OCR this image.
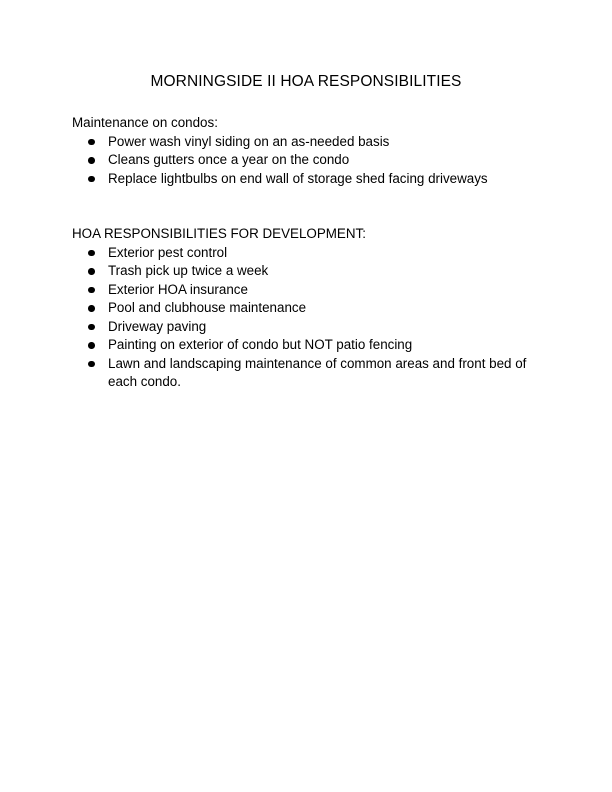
MORNINGSIDE II HOA RESPONSIBILITIES

Maintenance on condos:

Power wash vinyl siding on an as-needed basis
Cleans gutters once a year on the condo
Replace lightbulbs on end wall of storage shed facing driveways

HOA RESPONSIBILITIES FOR DEVELOPMENT:

Exterior pest control
Trash pick up twice a week
Exterior HOA insurance
Pool and clubhouse maintenance
Driveway paving
Painting on exterior of condo but NOT patio fencing
Lawn and landscaping maintenance of common areas and front bed of each condo.
